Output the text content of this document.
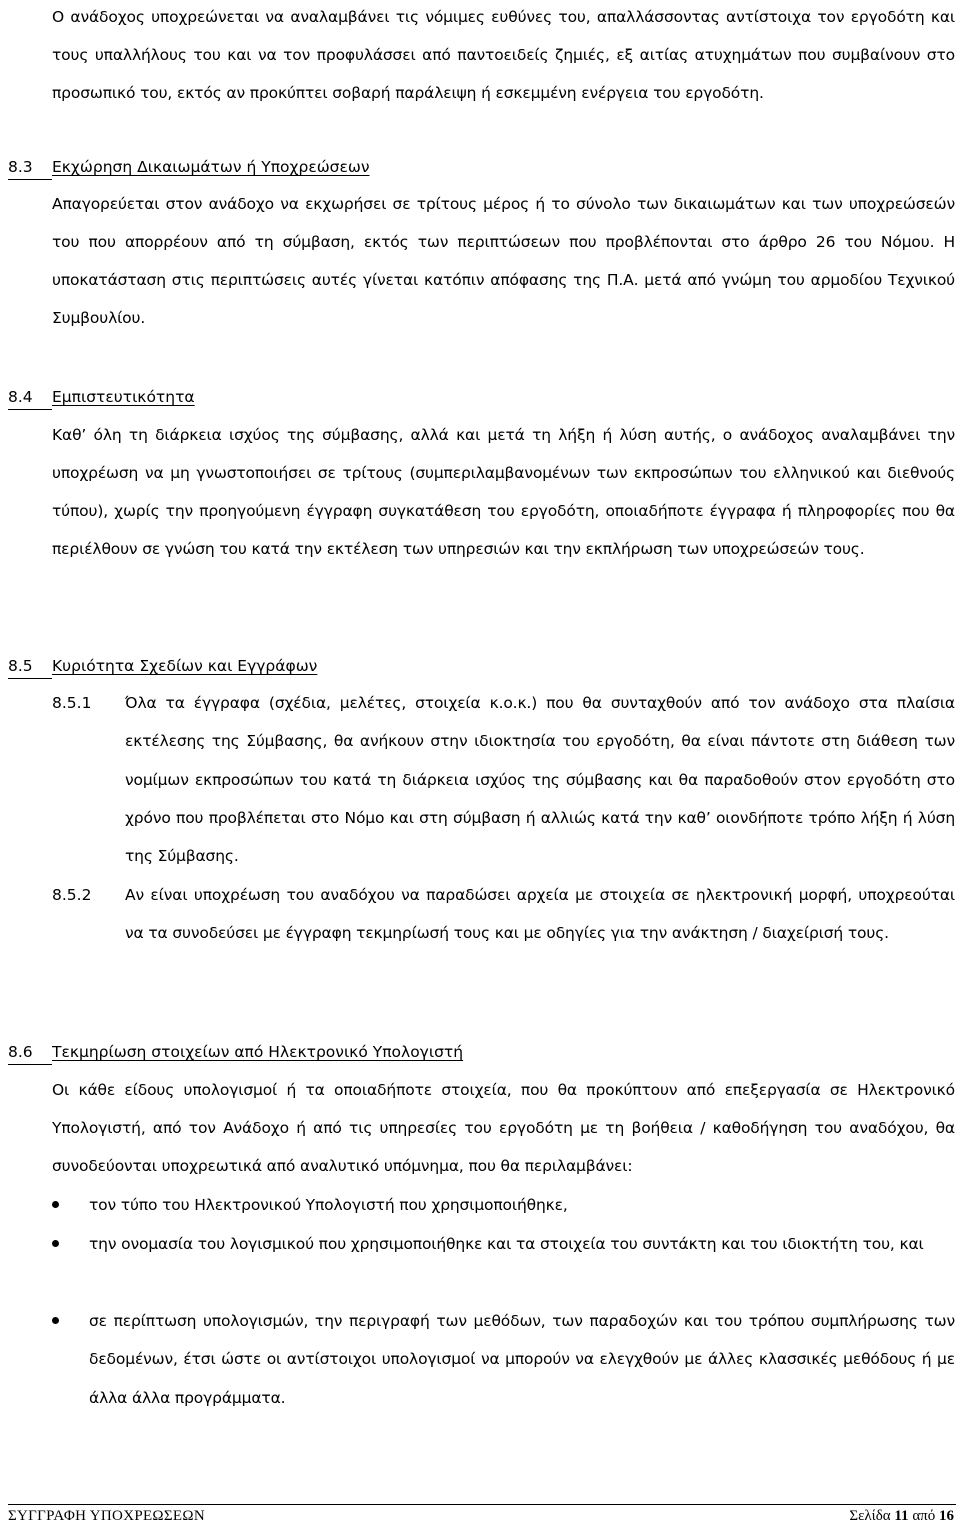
Ο ανάδοχος υποχρεώνεται να αναλαμβάνει τις νόμιμες ευθύνες του, απαλλάσσοντας αντίστοιχα τον εργοδότη και τους υπαλλήλους του και να τον προφυλάσσει από παντοειδείς ζημιές, εξ αιτίας ατυχημάτων που συμβαίνουν στο προσωπικό του, εκτός αν προκύπτει σοβαρή παράλειψη ή εσκεμμένη ενέργεια του εργοδότη.

8.3 Εκχώρηση Δικαιωμάτων ή Υποχρεώσεων

Απαγορεύεται στον ανάδοχο να εκχωρήσει σε τρίτους μέρος ή το σύνολο των δικαιωμάτων και των υποχρεώσεών του που απορρέουν από τη σύμβαση, εκτός των περιπτώσεων που προβλέπονται στο άρθρο 26 του Νόμου. Η υποκατάσταση στις περιπτώσεις αυτές γίνεται κατόπιν απόφασης της Π.Α. μετά από γνώμη του αρμοδίου Τεχνικού Συμβουλίου.

8.4 Εμπιστευτικότητα

Καθ’ όλη τη διάρκεια ισχύος της σύμβασης, αλλά και μετά τη λήξη ή λύση αυτής, ο ανάδοχος αναλαμβάνει την υποχρέωση να μη γνωστοποιήσει σε τρίτους (συμπεριλαμβανομένων των εκπροσώπων του ελληνικού και διεθνούς τύπου), χωρίς την προηγούμενη έγγραφη συγκατάθεση του εργοδότη, οποιαδήποτε έγγραφα ή πληροφορίες που θα περιέλθουν σε γνώση του κατά την εκτέλεση των υπηρεσιών και την εκπλήρωση των υποχρεώσεών τους.

8.5 Κυριότητα Σχεδίων και Εγγράφων
8.5.1 Όλα τα έγγραφα (σχέδια, μελέτες, στοιχεία κ.ο.κ.) που θα συνταχθούν από τον ανάδοχο στα πλαίσια εκτέλεσης της Σύμβασης, θα ανήκουν στην ιδιοκτησία του εργοδότη, θα είναι πάντοτε στη διάθεση των νομίμων εκπροσώπων του κατά τη διάρκεια ισχύος της σύμβασης και θα παραδοθούν στον εργοδότη στο χρόνο που προβλέπεται στο Νόμο και στη σύμβαση ή αλλιώς κατά την καθ’ οιονδήποτε τρόπο λήξη ή λύση της Σύμβασης.
8.5.2 Αν είναι υποχρέωση του αναδόχου να παραδώσει αρχεία με στοιχεία σε ηλεκτρονική μορφή, υποχρεούται να τα συνοδεύσει με έγγραφη τεκμηρίωσή τους και με οδηγίες για την ανάκτηση / διαχείρισή τους.
8.6 Τεκμηρίωση στοιχείων από Ηλεκτρονικό Υπολογιστή

Οι κάθε είδους υπολογισμοί ή τα οποιαδήποτε στοιχεία, που θα προκύπτουν από επεξεργασία σε Ηλεκτρονικό Υπολογιστή, από τον Ανάδοχο ή από τις υπηρεσίες του εργοδότη με τη βοήθεια / καθοδήγηση του αναδόχου, θα συνοδεύονται υποχρεωτικά από αναλυτικό υπόμνημα, που θα περιλαμβάνει:

τον τύπο του Ηλεκτρονικού Υπολογιστή που χρησιμοποιήθηκε,
την ονομασία του λογισμικού που χρησιμοποιήθηκε και τα στοιχεία του συντάκτη και του ιδιοκτήτη του, και
σε περίπτωση υπολογισμών, την περιγραφή των μεθόδων, των παραδοχών και του τρόπου συμπλήρωσης των δεδομένων, έτσι ώστε οι αντίστοιχοι υπολογισμοί να μπορούν να ελεγχθούν με άλλες κλασσικές μεθόδους ή με άλλα άλλα προγράμματα.
ΣΥΓΓΡΑΦΗ ΥΠΟΧΡΕΩΣΕΩΝ	Σελίδα 11 από 16
